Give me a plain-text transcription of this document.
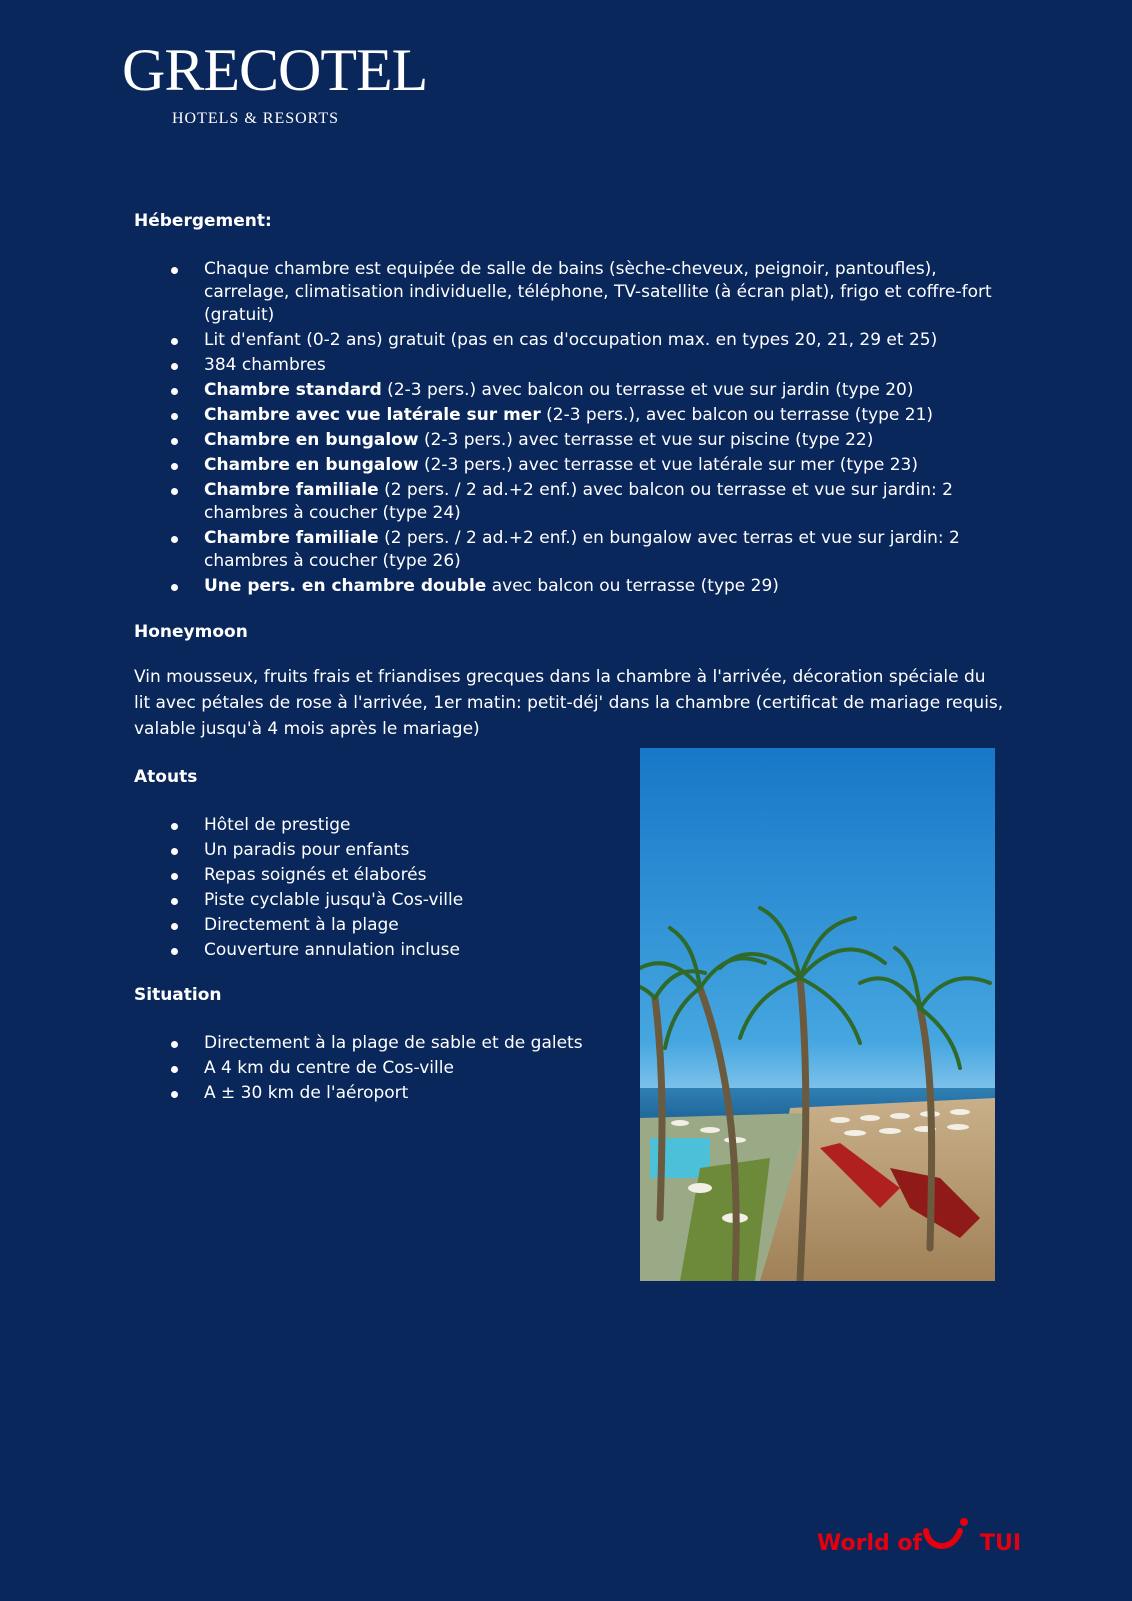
GRECOTEL
HOTELS & RESORTS
Hébergement:
Chaque chambre est equipée de salle de bains (sèche-cheveux, peignoir, pantoufles), carrelage, climatisation individuelle, téléphone, TV-satellite (à écran plat), frigo et coffre-fort (gratuit)
Lit d'enfant (0-2 ans) gratuit (pas en cas d'occupation max. en types 20, 21, 29 et 25)
384 chambres
Chambre standard (2-3 pers.) avec balcon ou terrasse et vue sur jardin (type 20)
Chambre avec vue latérale sur mer (2-3 pers.), avec balcon ou terrasse (type 21)
Chambre en bungalow (2-3 pers.) avec terrasse et vue sur piscine (type 22)
Chambre en bungalow (2-3 pers.) avec terrasse et vue latérale sur mer (type 23)
Chambre familiale (2 pers. / 2 ad.+2 enf.) avec balcon ou terrasse et vue sur jardin: 2 chambres à coucher (type 24)
Chambre familiale (2 pers. / 2 ad.+2 enf.) en bungalow avec terras et vue sur jardin: 2 chambres à coucher (type 26)
Une pers. en chambre double avec balcon ou terrasse (type 29)
Honeymoon

Vin mousseux, fruits frais et friandises grecques dans la chambre à l'arrivée, décoration spéciale du lit avec pétales de rose à l'arrivée, 1er matin: petit-déj' dans la chambre (certificat de mariage requis, valable jusqu'à 4 mois après le mariage)

Atouts
Hôtel de prestige
Un paradis pour enfants
Repas soignés et élaborés
Piste cyclable jusqu'à Cos-ville
Directement à la plage
Couverture annulation incluse
Situation
Directement à la plage de sable et de galets
A 4 km du centre de Cos-ville
A ± 30 km de l'aéroport
World of	TUI
